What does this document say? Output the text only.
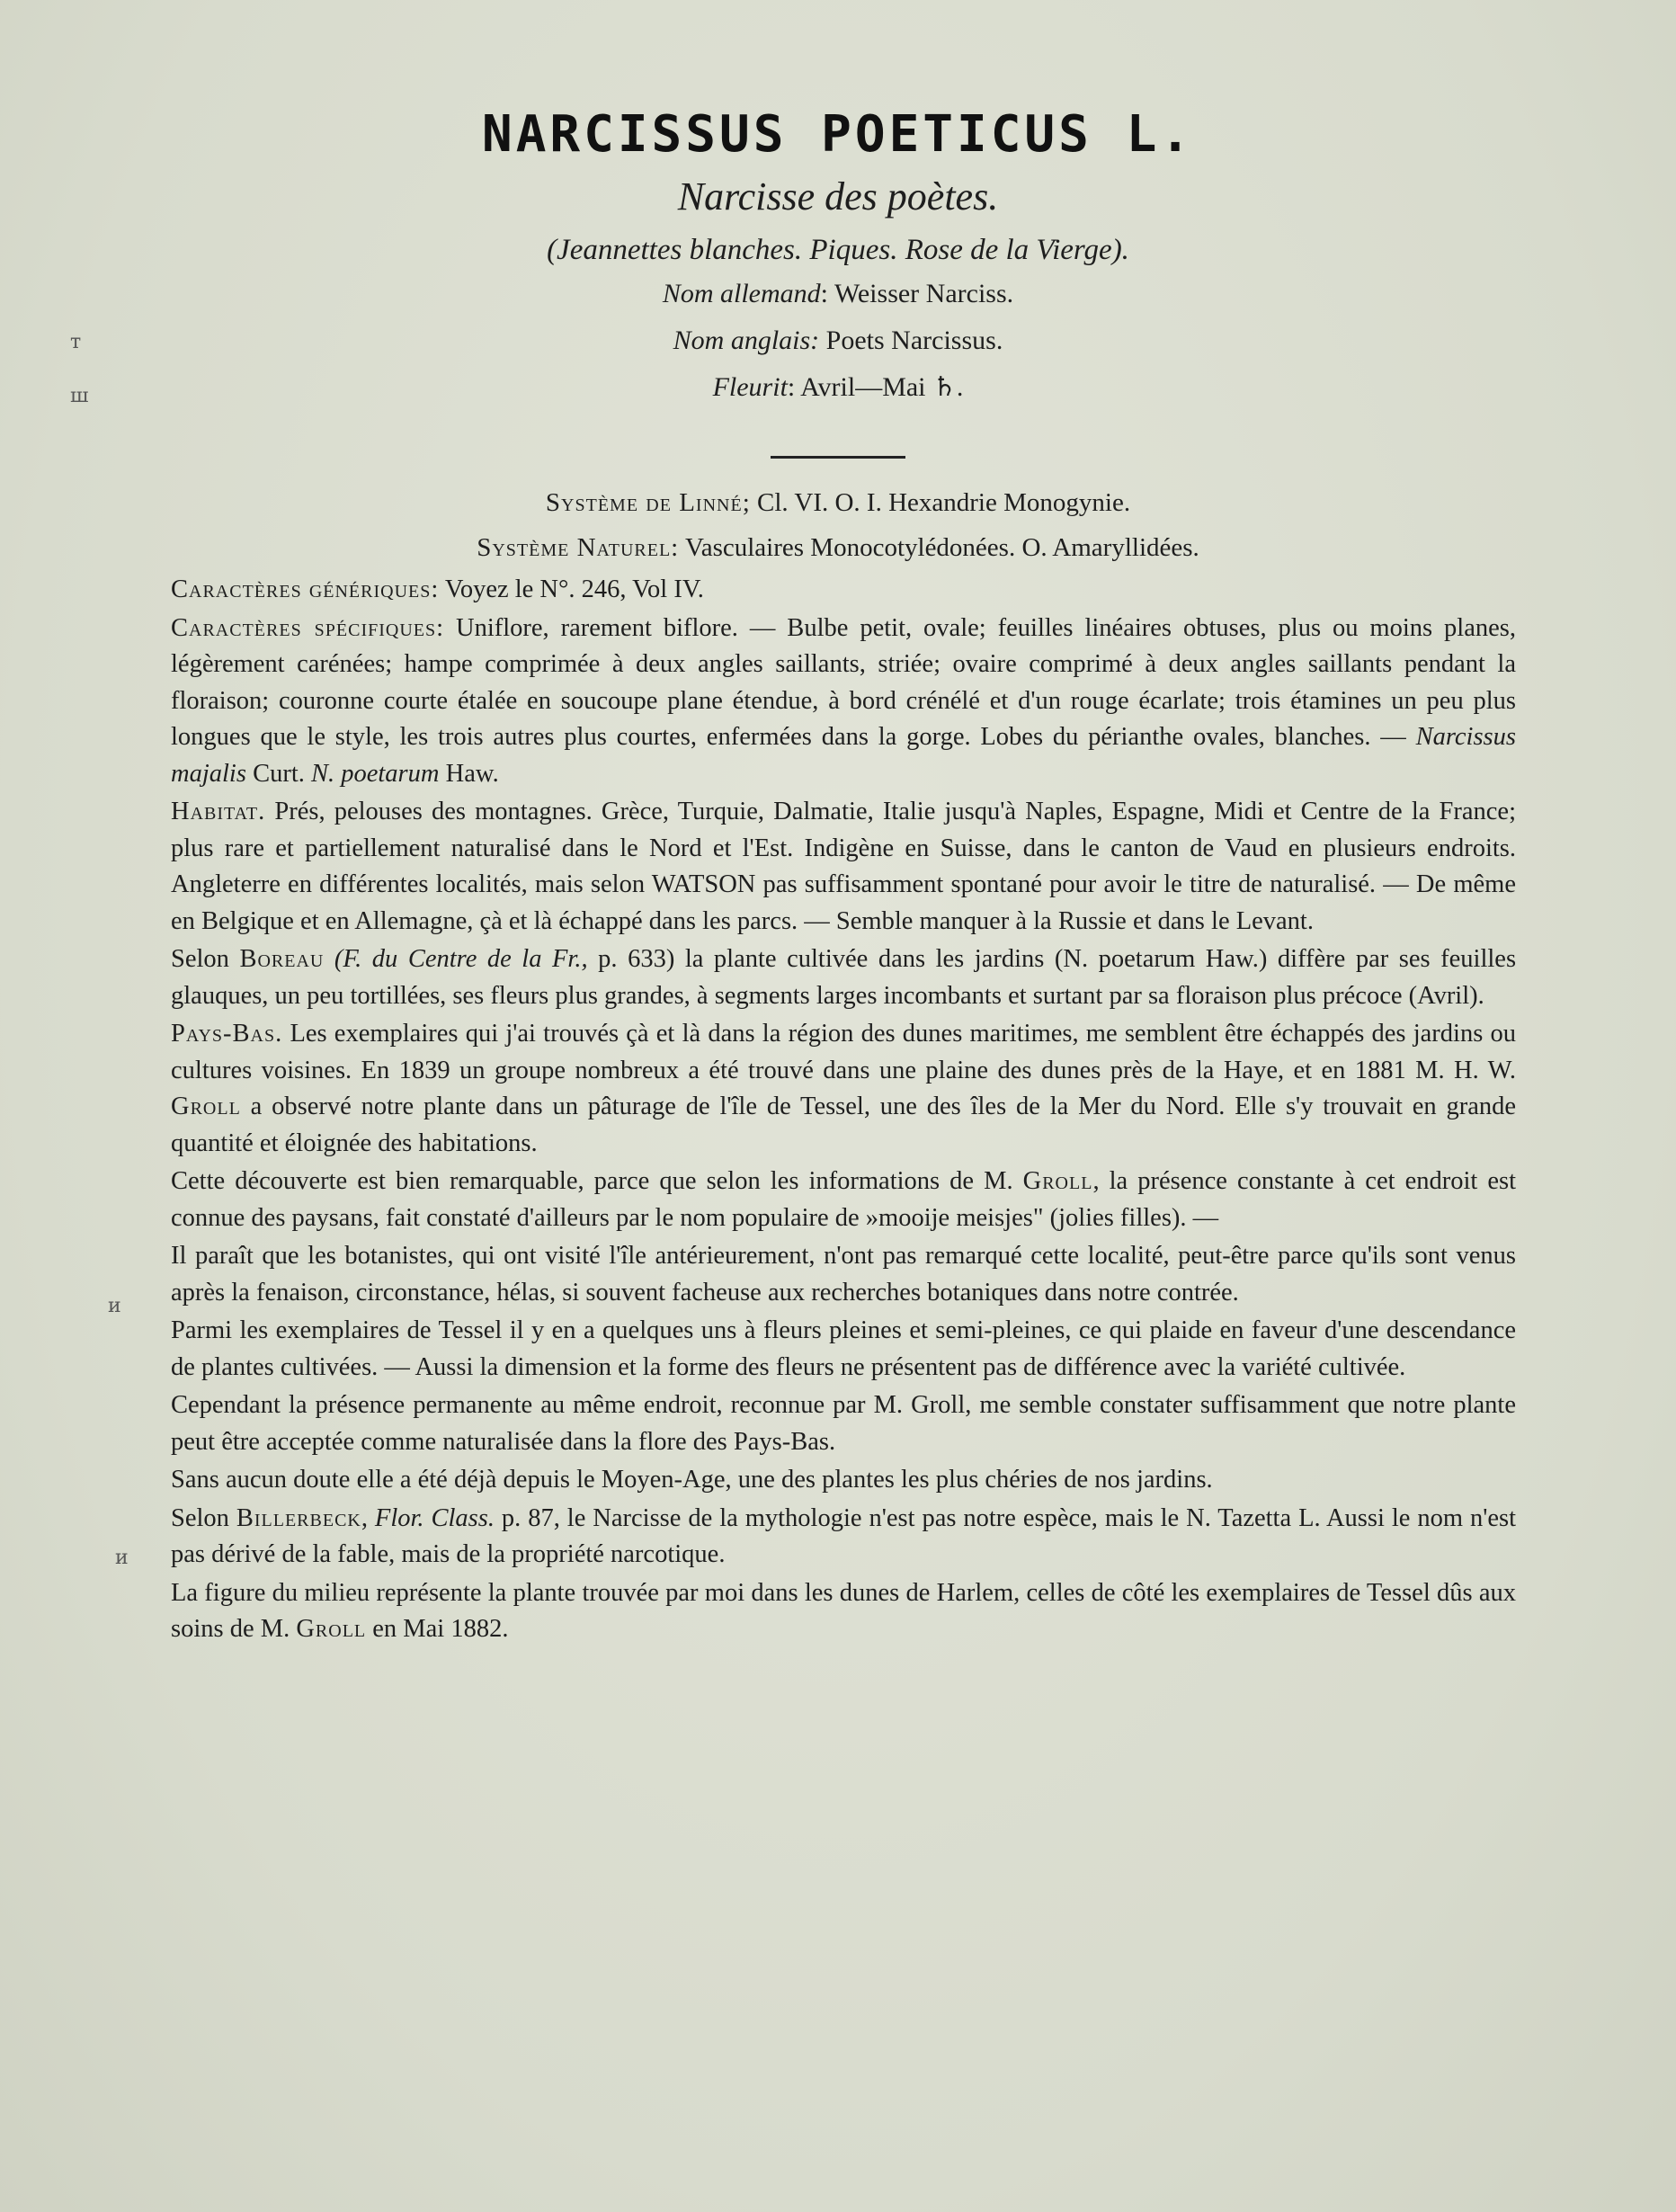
т
ш
и
и
NARCISSUS POETICUS L.
Narcisse des poètes.
(Jeannettes blanches. Piques. Rose de la Vierge).
Nom allemand: Weisser Narciss.
Nom anglais: Poets Narcissus.
Fleurit: Avril—Mai ♄.
Système de Linné; Cl. VI. O. I. Hexandrie Monogynie.
Système Naturel: Vasculaires Monocotylédonées. O. Amaryllidées.

Caractères génériques: Voyez le N°. 246, Vol IV.

Caractères spécifiques: Uniflore, rarement biflore. — Bulbe petit, ovale; feuilles linéaires obtuses, plus ou moins planes, légèrement carénées; hampe comprimée à deux angles saillants, striée; ovaire comprimé à deux angles saillants pendant la floraison; couronne courte étalée en soucoupe plane étendue, à bord crénélé et d'un rouge écarlate; trois étamines un peu plus longues que le style, les trois autres plus courtes, enfermées dans la gorge. Lobes du périanthe ovales, blanches. — Narcissus majalis Curt. N. poetarum Haw.

Habitat. Prés, pelouses des montagnes. Grèce, Turquie, Dalmatie, Italie jusqu'à Naples, Espagne, Midi et Centre de la France; plus rare et partiellement naturalisé dans le Nord et l'Est. Indigène en Suisse, dans le canton de Vaud en plusieurs endroits. Angleterre en différentes localités, mais selon WATSON pas suffisamment spontané pour avoir le titre de naturalisé. — De même en Belgique et en Allemagne, çà et là échappé dans les parcs. — Semble manquer à la Russie et dans le Levant.

Selon Boreau (F. du Centre de la Fr., p. 633) la plante cultivée dans les jardins (N. poetarum Haw.) diffère par ses feuilles glauques, un peu tortillées, ses fleurs plus grandes, à segments larges incombants et surtant par sa floraison plus précoce (Avril).

Pays-Bas. Les exemplaires qui j'ai trouvés çà et là dans la région des dunes maritimes, me semblent être échappés des jardins ou cultures voisines. En 1839 un groupe nombreux a été trouvé dans une plaine des dunes près de la Haye, et en 1881 M. H. W. Groll a observé notre plante dans un pâturage de l'île de Tessel, une des îles de la Mer du Nord. Elle s'y trouvait en grande quantité et éloignée des habitations.

Cette découverte est bien remarquable, parce que selon les informations de M. Groll, la présence constante à cet endroit est connue des paysans, fait constaté d'ailleurs par le nom populaire de »mooije meisjes" (jolies filles). —

Il paraît que les botanistes, qui ont visité l'île antérieurement, n'ont pas remarqué cette localité, peut-être parce qu'ils sont venus après la fenaison, circonstance, hélas, si souvent facheuse aux recherches botaniques dans notre contrée.

Parmi les exemplaires de Tessel il y en a quelques uns à fleurs pleines et semi-pleines, ce qui plaide en faveur d'une descendance de plantes cultivées. — Aussi la dimension et la forme des fleurs ne présentent pas de différence avec la variété cultivée.

Cependant la présence permanente au même endroit, reconnue par M. Groll, me semble constater suffisamment que notre plante peut être acceptée comme naturalisée dans la flore des Pays-Bas.

Sans aucun doute elle a été déjà depuis le Moyen-Age, une des plantes les plus chéries de nos jardins.

Selon Billerbeck, Flor. Class. p. 87, le Narcisse de la mythologie n'est pas notre espèce, mais le N. Tazetta L. Aussi le nom n'est pas dérivé de la fable, mais de la propriété narcotique.

La figure du milieu représente la plante trouvée par moi dans les dunes de Harlem, celles de côté les exemplaires de Tessel dûs aux soins de M. Groll en Mai 1882.
